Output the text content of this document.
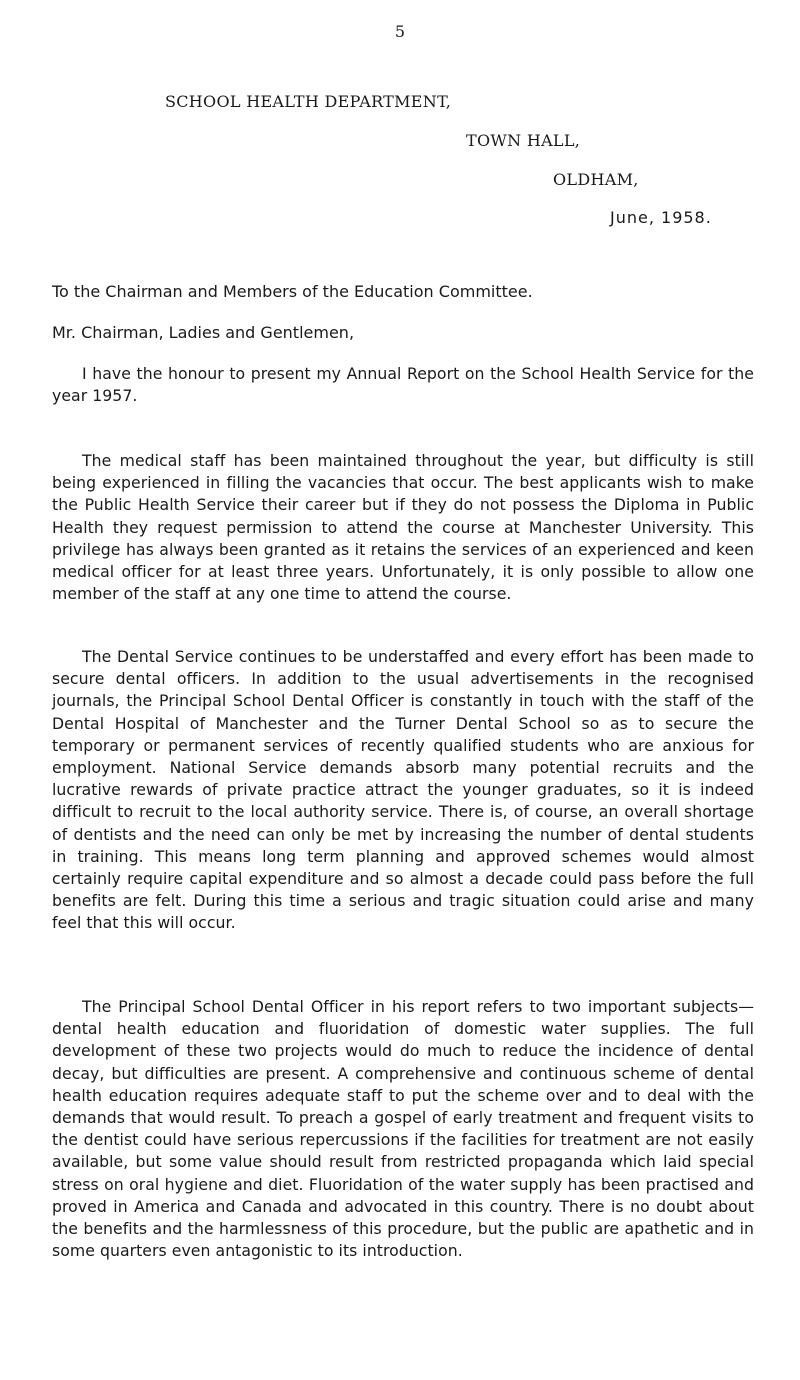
5
SCHOOL HEALTH DEPARTMENT,
TOWN HALL,
OLDHAM,
June, 1958.
To the Chairman and Members of the Education Committee.
Mr. Chairman, Ladies and Gentlemen,

I have the honour to present my Annual Report on the School Health Service for the year 1957.

The medical staff has been maintained throughout the year, but difficulty is still being experienced in filling the vacancies that occur. The best applicants wish to make the Public Health Service their career but if they do not possess the Diploma in Public Health they request permission to attend the course at Manchester University. This privilege has always been granted as it retains the services of an experienced and keen medical officer for at least three years. Unfortunately, it is only possible to allow one member of the staff at any one time to attend the course.

The Dental Service continues to be understaffed and every effort has been made to secure dental officers. In addition to the usual advertisements in the recognised journals, the Principal School Dental Officer is constantly in touch with the staff of the Dental Hospital of Manchester and the Turner Dental School so as to secure the temporary or permanent services of recently qualified students who are anxious for employment. National Service demands absorb many potential recruits and the lucrative rewards of private practice attract the younger graduates, so it is indeed difficult to recruit to the local authority service. There is, of course, an overall shortage of dentists and the need can only be met by increasing the number of dental students in training. This means long term planning and approved schemes would almost certainly require capital expenditure and so almost a decade could pass before the full benefits are felt. During this time a serious and tragic situation could arise and many feel that this will occur.

The Principal School Dental Officer in his report refers to two important subjects—dental health education and fluoridation of domestic water supplies. The full development of these two projects would do much to reduce the incidence of dental decay, but difficulties are present. A comprehensive and continuous scheme of dental health education requires adequate staff to put the scheme over and to deal with the demands that would result. To preach a gospel of early treatment and frequent visits to the dentist could have serious repercussions if the facilities for treatment are not easily available, but some value should result from restricted propaganda which laid special stress on oral hygiene and diet. Fluoridation of the water supply has been practised and proved in America and Canada and advocated in this country. There is no doubt about the benefits and the harmlessness of this procedure, but the public are apathetic and in some quarters even antagonistic to its introduction.
